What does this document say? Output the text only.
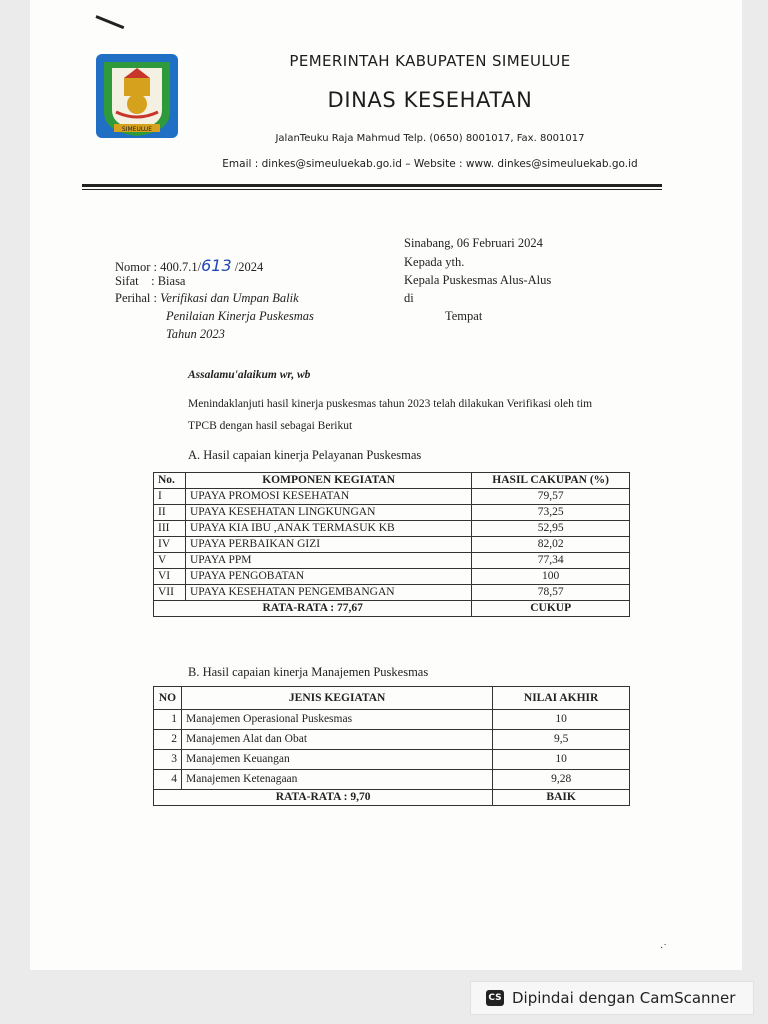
SIMEULUE
PEMERINTAH KABUPATEN SIMEULUE
DINAS KESEHATAN
JalanTeuku Raja Mahmud Telp. (0650) 8001017, Fax. 8001017
Email : dinkes@simeuluekab.go.id – Website : www. dinkes@simeuluekab.go.id
Sinabang, 06 Februari 2024
Kepada yth.
Kepala Puskesmas Alus-Alus
di
Tempat
Nomor : 400.7.1/613 /2024
Sifat    : Biasa
Perihal : Verifikasi dan Umpan Balik
Penilaian Kinerja Puskesmas
Tahun 2023
Assalamu'alaikum wr, wb
Menindaklanjuti hasil kinerja puskesmas tahun 2023 telah dilakukan Verifikasi oleh tim
TPCB dengan hasil sebagai Berikut
A. Hasil capaian kinerja Pelayanan Puskesmas
No.	KOMPONEN KEGIATAN	HASIL CAKUPAN (%)
I	UPAYA PROMOSI KESEHATAN	79,57
II	UPAYA KESEHATAN LINGKUNGAN	73,25
III	UPAYA KIA IBU ,ANAK TERMASUK KB	52,95
IV	UPAYA PERBAIKAN GIZI	82,02
V	UPAYA PPM	77,34
VI	UPAYA PENGOBATAN	100
VII	UPAYA KESEHATAN PENGEMBANGAN	78,57
RATA-RATA : 77,67		CUKUP
B. Hasil capaian kinerja Manajemen Puskesmas
NO	JENIS KEGIATAN	NILAI AKHIR
1	Manajemen Operasional Puskesmas	10
2	Manajemen Alat dan Obat	9,5
3	Manajemen Keuangan	10
4	Manajemen Ketenagaan	9,28
RATA-RATA : 9,70		BAIK
·˙
CS Dipindai dengan CamScanner
